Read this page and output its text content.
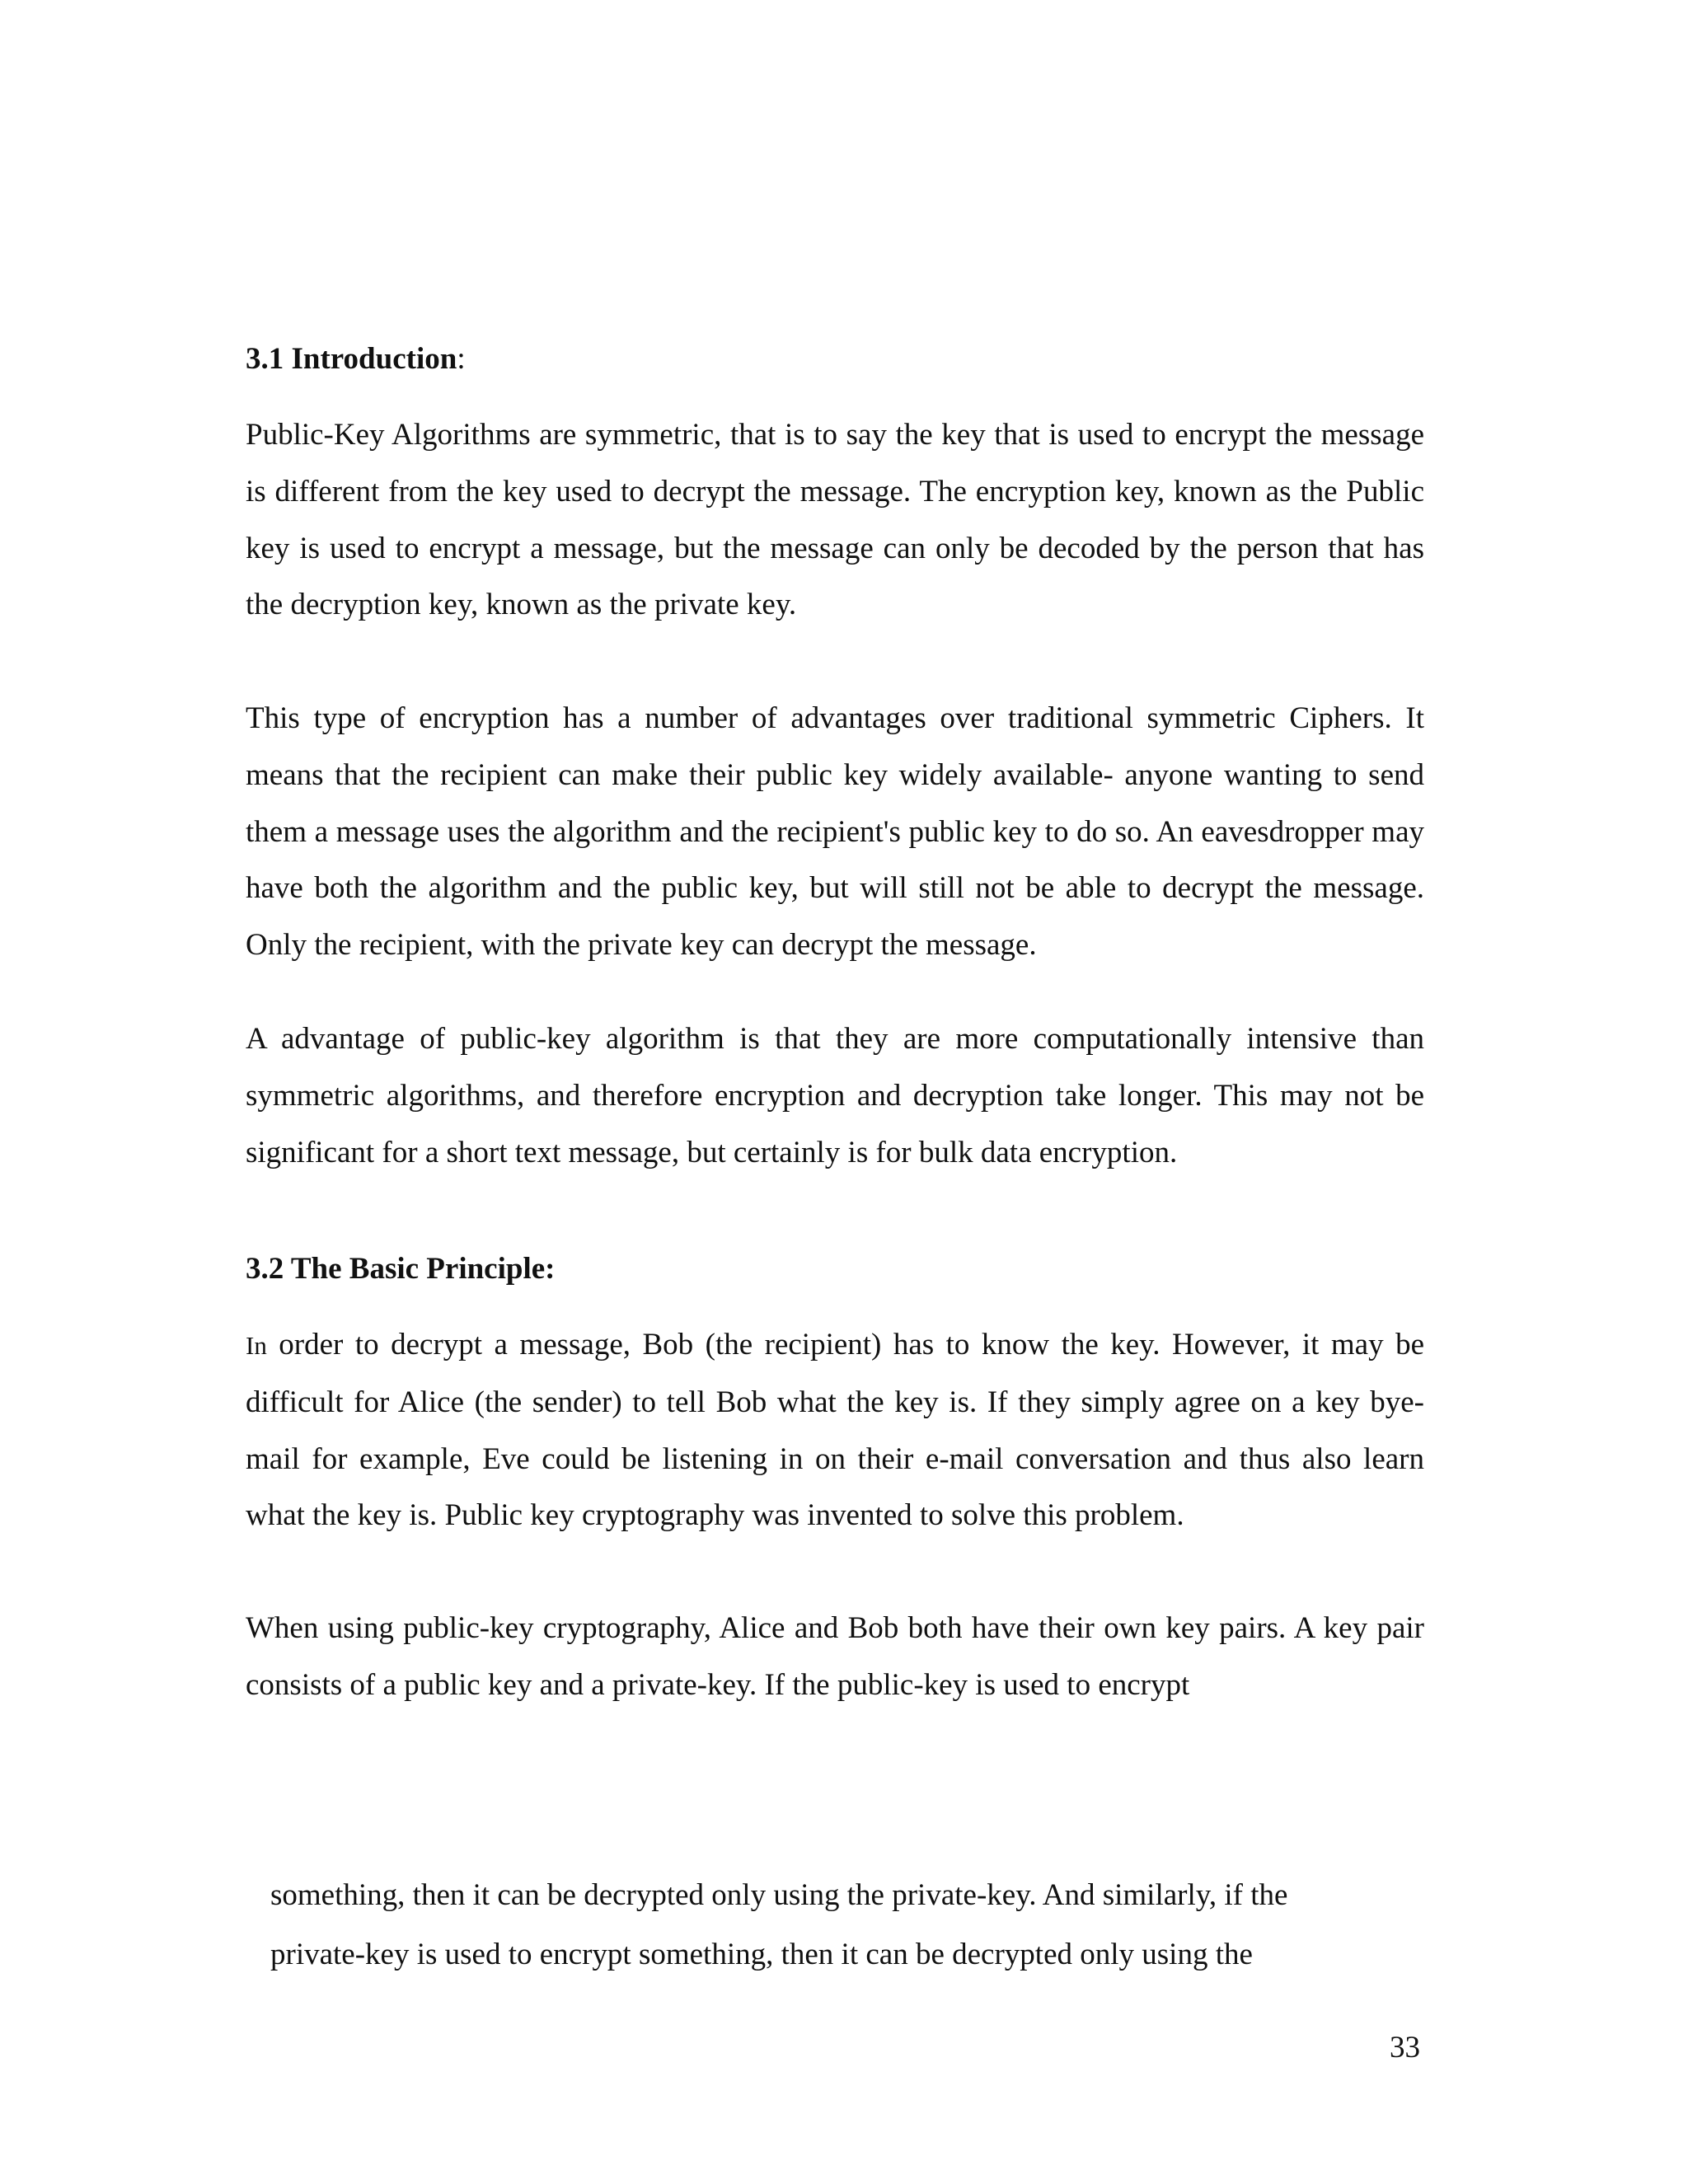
3.1 Introduction:

Public-Key Algorithms are symmetric, that is to say the key that is used to encrypt the message is different from the key used to decrypt the message. The encryption key, known as the Public key is used to encrypt a message, but the message can only be decoded by the person that has the decryption key, known as the private key.

This type of encryption has a number of advantages over traditional symmetric Ciphers. It means that the recipient can make their public key widely available- anyone wanting to send them a message uses the algorithm and the recipient's public key to do so. An eavesdropper may have both the algorithm and the public key, but will still not be able to decrypt the message. Only the recipient, with the private key can decrypt the message.

A advantage of public-key algorithm is that they are more computationally intensive than symmetric algorithms, and therefore encryption and decryption take longer. This may not be significant for a short text message, but certainly is for bulk data encryption.

3.2 The Basic Principle:

In order to decrypt a message, Bob (the recipient) has to know the key. However, it may be difficult for Alice (the sender) to tell Bob what the key is. If they simply agree on a key bye-mail for example, Eve could be listening in on their e-mail conversation and thus also learn what the key is. Public key cryptography was invented to solve this problem.

When using public-key cryptography, Alice and Bob both have their own key pairs. A key pair consists of a public key and a private-key. If the public-key is used to encrypt

something, then it can be decrypted only using the private-key. And similarly, if the

private-key is used to encrypt something, then it can be decrypted only using the

33
